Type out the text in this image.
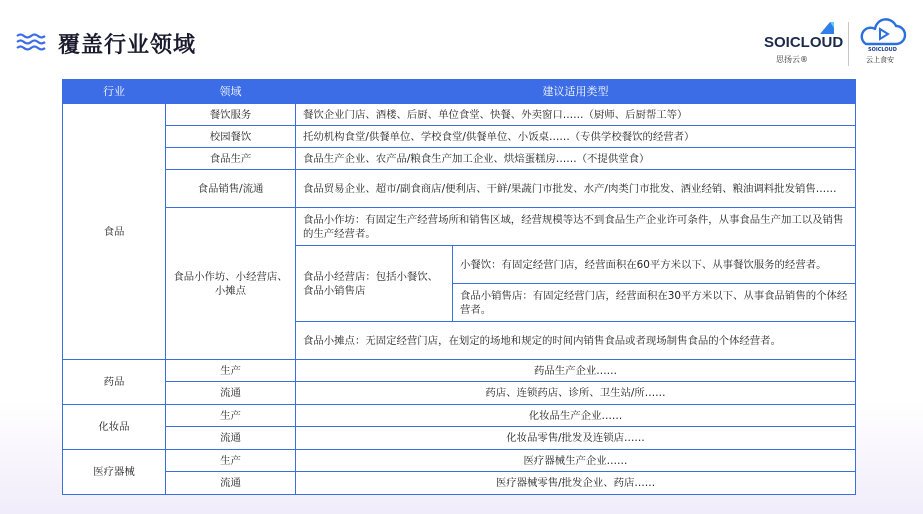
覆盖行业领域	SOICLOUD
思扬云®
SOICLOUD
云上食安
行业	领域	建议适用类型	
食品	餐饮服务	餐饮企业门店、酒楼、后厨、单位食堂、快餐、外卖窗口……（厨师、后厨帮工等）	
	校园餐饮	托幼机构食堂/供餐单位、学校食堂/供餐单位、小饭桌……（专供学校餐饮的经营者）	
	食品生产	食品生产企业、农产品/粮食生产加工企业、烘焙蛋糕房……（不提供堂食）	
	食品销售/流通	食品贸易企业、超市/副食商店/便利店、干鲜/果蔬门市批发、水产/肉类门市批发、酒业经销、粮油调料批发销售……	
	食品小作坊、小经营店、小摊点	食品小作坊：有固定生产经营场所和销售区域，经营规模等达不到食品生产企业许可条件，从事食品生产加工以及销售的生产经营者。	
		食品小经营店：包括小餐饮、食品小销售店	小餐饮：有固定经营门店，经营面积在60平方米以下、从事餐饮服务的经营者。
			食品小销售店：有固定经营门店，经营面积在30平方米以下、从事食品销售的个体经营者。
		食品小摊点：无固定经营门店，在划定的场地和规定的时间内销售食品或者现场制售食品的个体经营者。	
药品	生产	药品生产企业……	
	流通	药店、连锁药店、诊所、卫生站/所……	
化妆品	生产	化妆品生产企业……	
	流通	化妆品零售/批发及连锁店……	
医疗器械	生产	医疗器械生产企业……	
	流通	医疗器械零售/批发企业、药店……	
